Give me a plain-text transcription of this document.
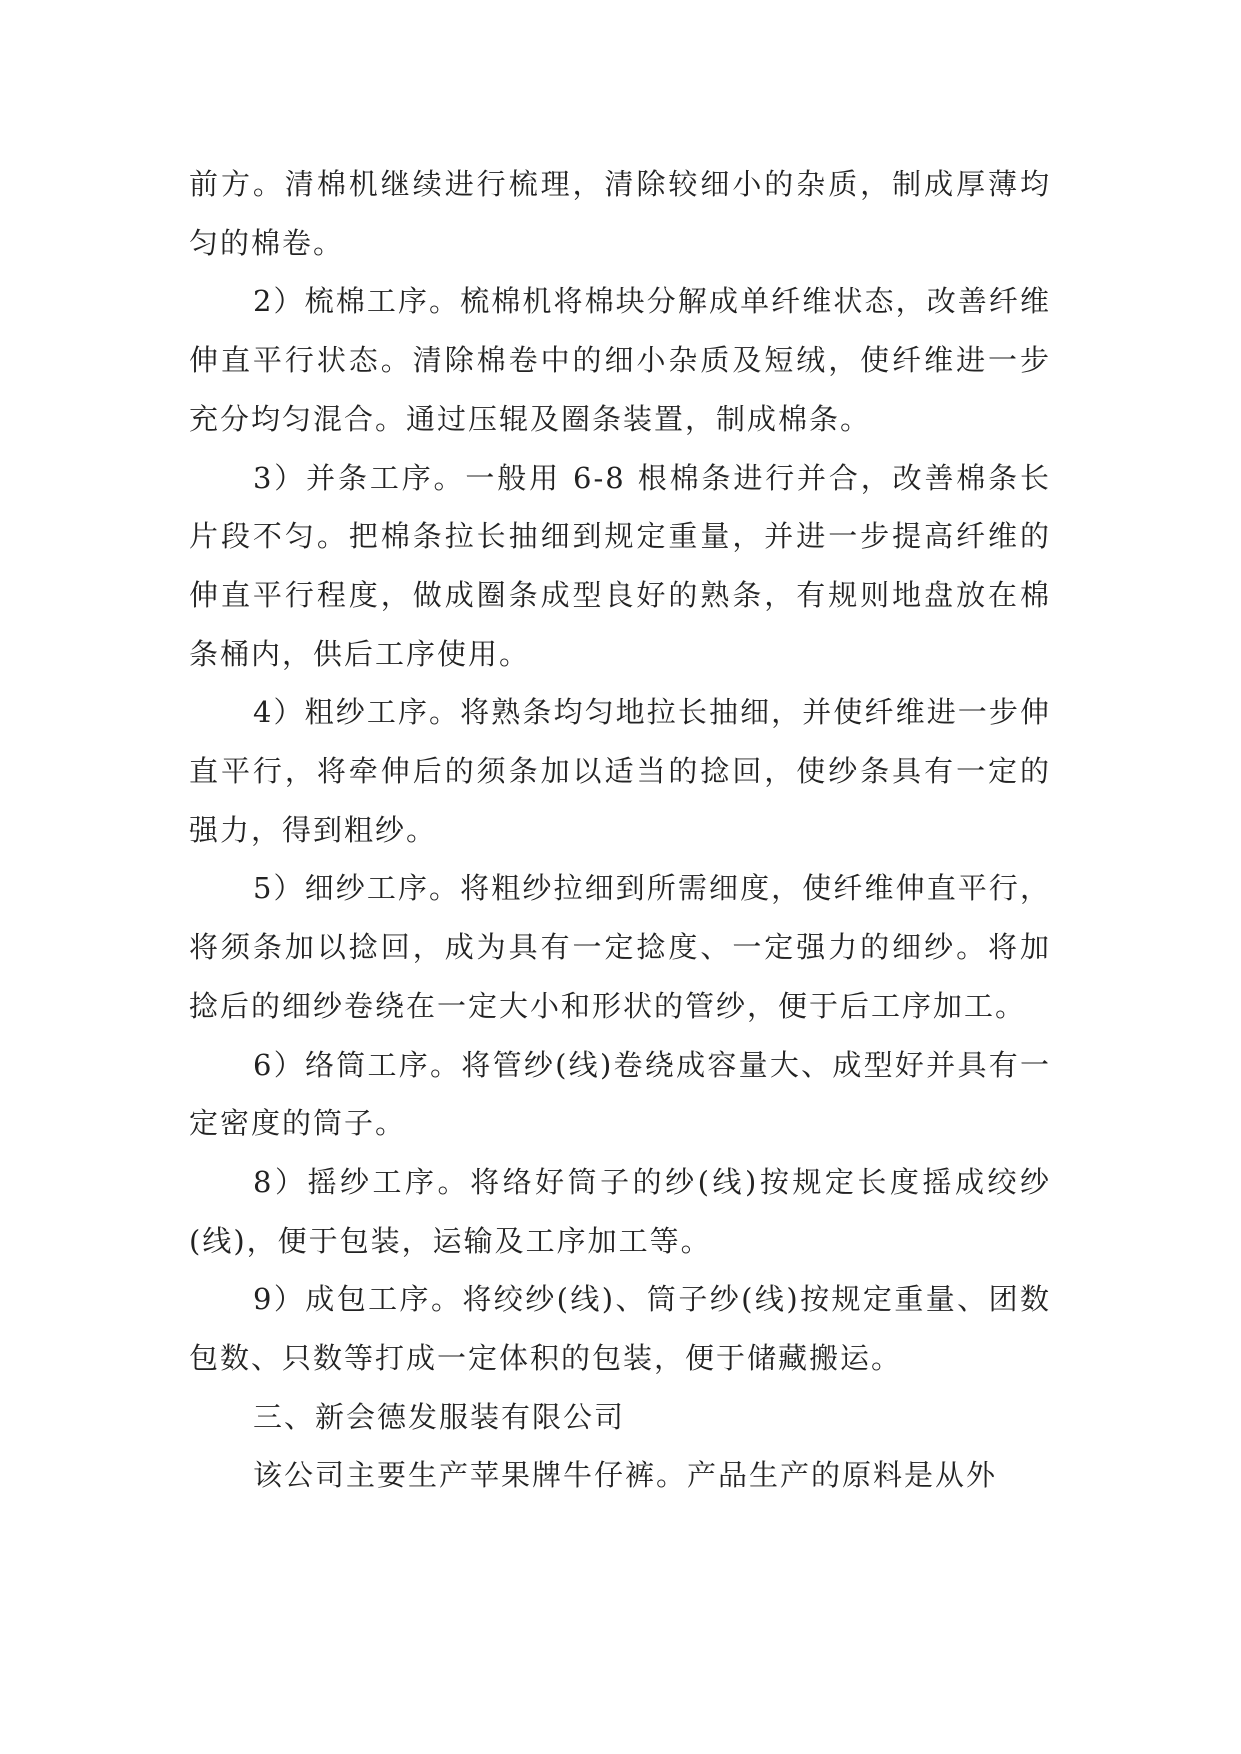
前方。清棉机继续进行梳理，清除较细小的杂质，制成厚薄均匀的棉卷。

2）梳棉工序。梳棉机将棉块分解成单纤维状态，改善纤维伸直平行状态。清除棉卷中的细小杂质及短绒，使纤维进一步充分均匀混合。通过压辊及圈条装置，制成棉条。

3）并条工序。一般用 6-8 根棉条进行并合，改善棉条长片段不匀。把棉条拉长抽细到规定重量，并进一步提高纤维的伸直平行程度，做成圈条成型良好的熟条，有规则地盘放在棉条桶内，供后工序使用。

4）粗纱工序。将熟条均匀地拉长抽细，并使纤维进一步伸直平行，将牵伸后的须条加以适当的捻回，使纱条具有一定的强力，得到粗纱。

5）细纱工序。将粗纱拉细到所需细度，使纤维伸直平行，将须条加以捻回，成为具有一定捻度、一定强力的细纱。将加捻后的细纱卷绕在一定大小和形状的管纱，便于后工序加工。

6）络筒工序。将管纱(线)卷绕成容量大、成型好并具有一定密度的筒子。

8）摇纱工序。将络好筒子的纱(线)按规定长度摇成绞纱(线)，便于包装，运输及工序加工等。

9）成包工序。将绞纱(线)、筒子纱(线)按规定重量、团数包数、只数等打成一定体积的包装，便于储藏搬运。

三、新会德发服装有限公司

该公司主要生产苹果牌牛仔裤。产品生产的原料是从外
